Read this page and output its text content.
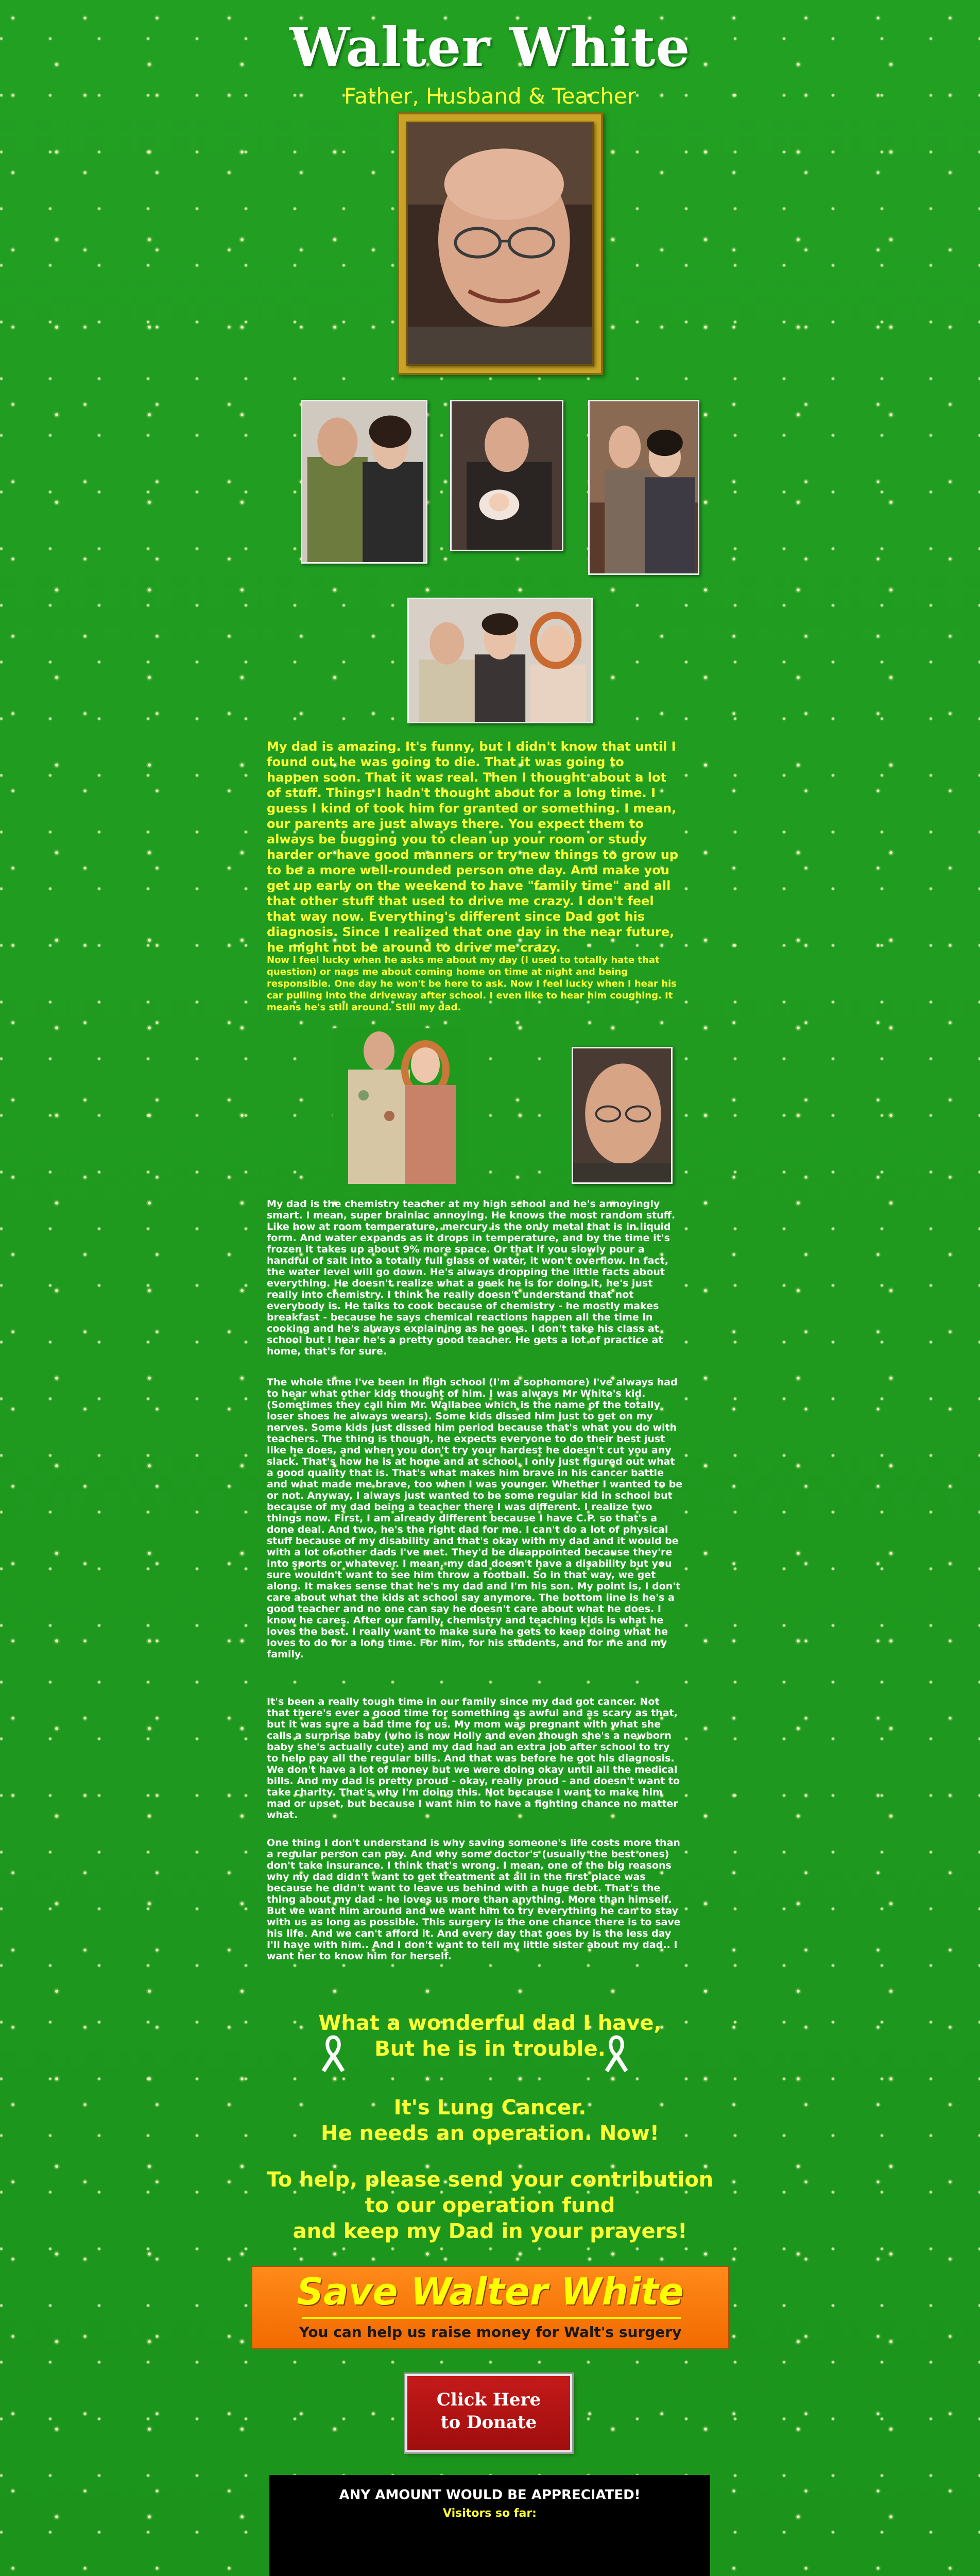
Walter White
Father, Husband & Teacher
My dad is amazing. It's funny, but I didn't know that until I found out he was going to die. That it was going to happen soon. That it was real. Then I thought about a lot of stuff. Things I hadn't thought about for a long time. I guess I kind of took him for granted or something. I mean, our parents are just always there. You expect them to always be bugging you to clean up your room or study harder or have good manners or try new things to grow up to be a more well-rounded person one day. And make you get up early on the weekend to have "family time" and all that other stuff that used to drive me crazy. I don't feel that way now. Everything's different since Dad got his diagnosis. Since I realized that one day in the near future, he might not be around to drive me crazy.
Now I feel lucky when he asks me about my day (I used to totally hate that question) or nags me about coming home on time at night and being responsible. One day he won't be here to ask. Now I feel lucky when I hear his car pulling into the driveway after school. I even like to hear him coughing. It means he's still around. Still my dad.
My dad is the chemistry teacher at my high school and he's annoyingly smart. I mean, super brainiac annoying. He knows the most random stuff. Like how at room temperature, mercury is the only metal that is in liquid form. And water expands as it drops in temperature, and by the time it's frozen it takes up about 9% more space. Or that if you slowly pour a handful of salt into a totally full glass of water, it won't overflow. In fact, the water level will go down. He's always dropping the little facts about everything. He doesn't realize what a geek he is for doing it, he's just really into chemistry. I think he really doesn't understand that not everybody is. He talks to cook because of chemistry - he mostly makes breakfast - because he says chemical reactions happen all the time in cooking and he's always explaining as he goes. I don't take his class at school but I hear he's a pretty good teacher. He gets a lot of practice at home, that's for sure.
The whole time I've been in high school (I'm a sophomore) I've always had to hear what other kids thought of him. I was always Mr White's kid. (Sometimes they call him Mr. Wallabee which is the name of the totally loser shoes he always wears). Some kids dissed him just to get on my nerves. Some kids just dissed him period because that's what you do with teachers. The thing is though, he expects everyone to do their best just like he does, and when you don't try your hardest he doesn't cut you any slack. That's how he is at home and at school. I only just figured out what a good quality that is. That's what makes him brave in his cancer battle and what made me brave, too when I was younger. Whether I wanted to be or not. Anyway, I always just wanted to be some regular kid in school but because of my dad being a teacher there I was different. I realize two things now. First, I am already different because I have C.P. so that's a done deal. And two, he's the right dad for me. I can't do a lot of physical stuff because of my disability and that's okay with my dad and it would be with a lot of other dads I've met. They'd be disappointed because they're into sports or whatever. I mean, my dad doesn't have a disability but you sure wouldn't want to see him throw a football. So in that way, we get along. It makes sense that he's my dad and I'm his son. My point is, I don't care about what the kids at school say anymore. The bottom line is he's a good teacher and no one can say he doesn't care about what he does. I know he cares. After our family, chemistry and teaching kids is what he loves the best. I really want to make sure he gets to keep doing what he loves to do for a long time. For him, for his students, and for me and my family.
It's been a really tough time in our family since my dad got cancer. Not that there's ever a good time for something as awful and as scary as that, but it was sure a bad time for us. My mom was pregnant with what she calls a surprise baby (who is now Holly and even though she's a newborn baby she's actually cute) and my dad had an extra job after school to try to help pay all the regular bills. And that was before he got his diagnosis. We don't have a lot of money but we were doing okay until all the medical bills. And my dad is pretty proud - okay, really proud - and doesn't want to take charity. That's why I'm doing this. Not because I want to make him mad or upset, but because I want him to have a fighting chance no matter what.
One thing I don't understand is why saving someone's life costs more than a regular person can pay. And why some doctor's (usually the best ones) don't take insurance. I think that's wrong. I mean, one of the big reasons why my dad didn't want to get treatment at all in the first place was because he didn't want to leave us behind with a huge debt. That's the thing about my dad - he loves us more than anything. More than himself. But we want him around and we want him to try everything he can to stay with us as long as possible. This surgery is the one chance there is to save his life. And we can't afford it. And every day that goes by is the less day I'll have with him.. And I don't want to tell my little sister about my dad.. I want her to know him for herself.
What a wonderful dad I have,
But he is in trouble.
It's Lung Cancer.
He needs an operation. Now!
To help, please send your contribution
to our operation fund
and keep my Dad in your prayers!
Save Walter White
You can help us raise money for Walt's surgery
Click Here
to Donate
ANY AMOUNT WOULD BE APPRECIATED!
Visitors so far:
